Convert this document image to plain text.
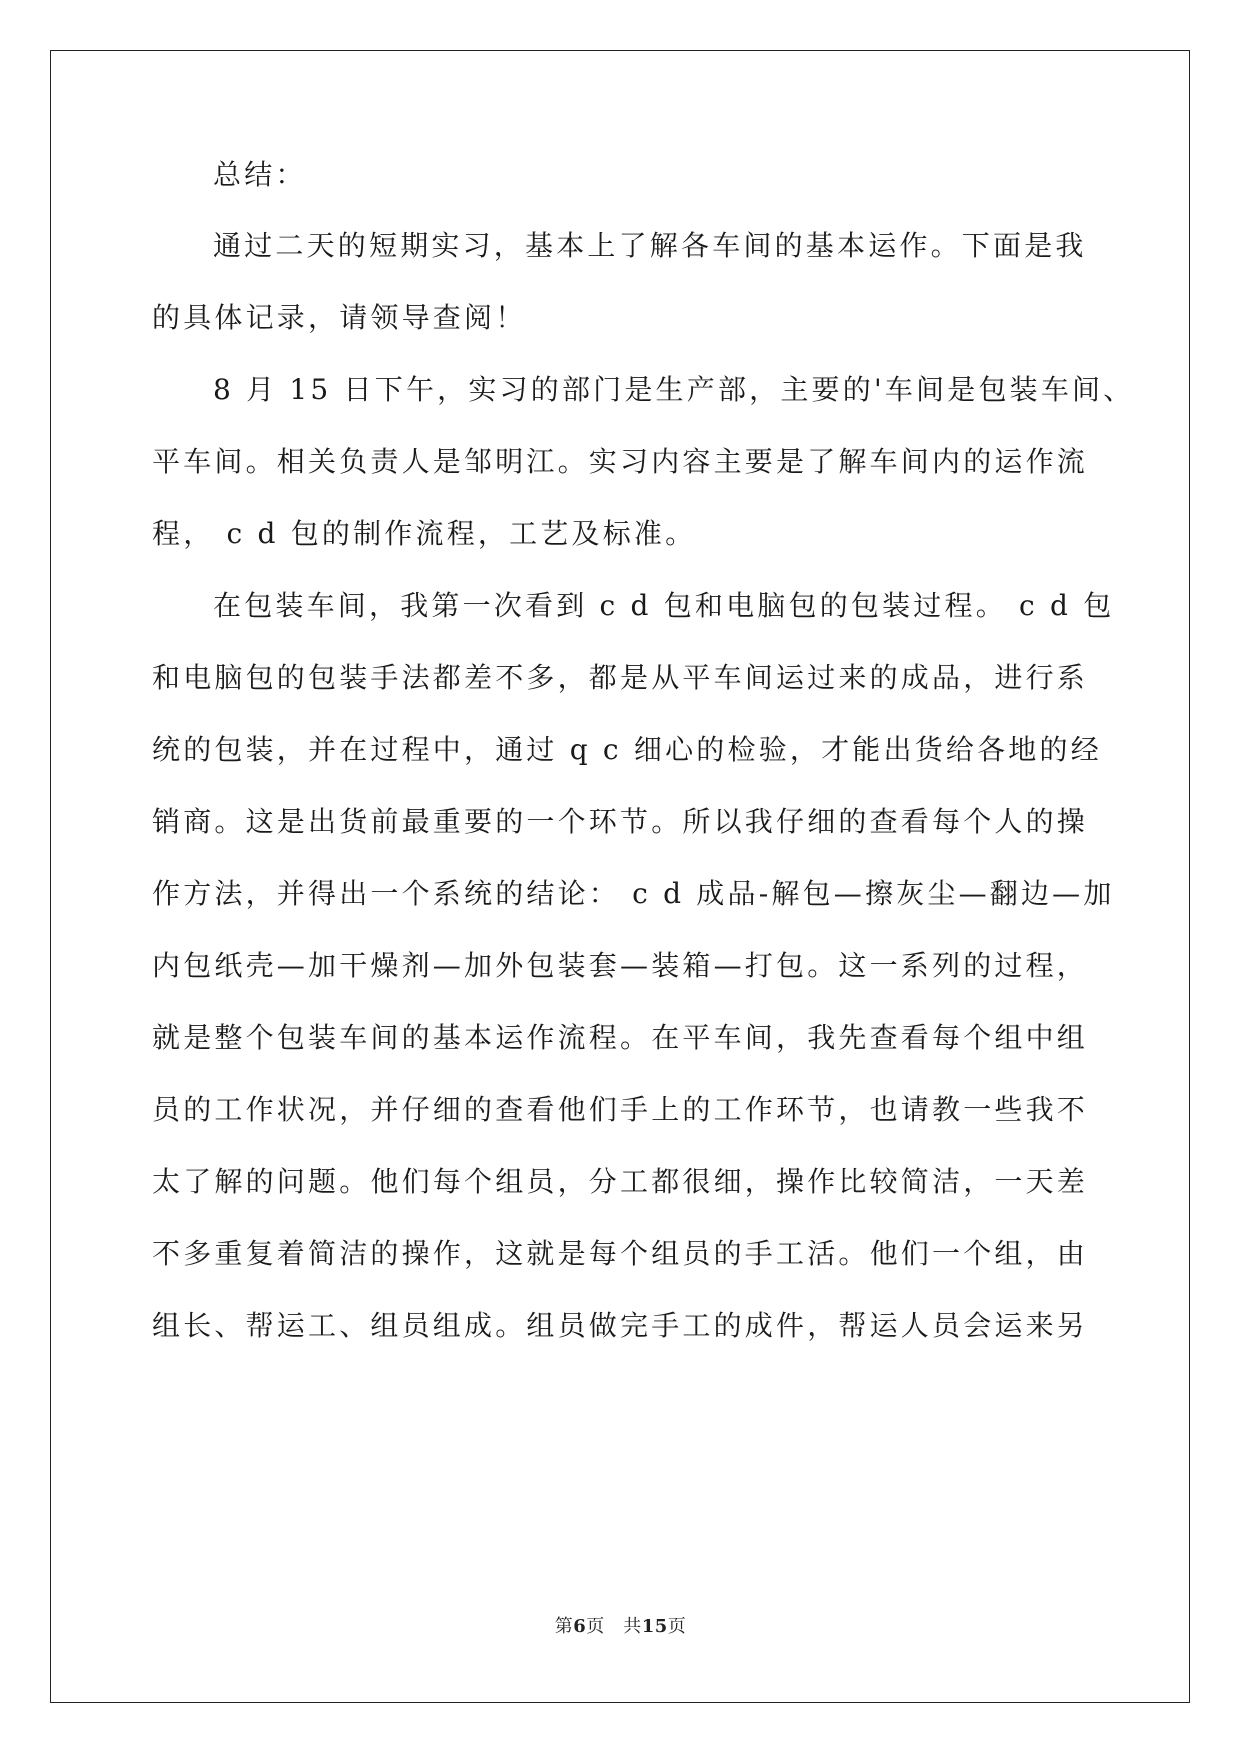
总结：
通过二天的短期实习，基本上了解各车间的基本运作。下面是我
的具体记录，请领导查阅！
8 月 15 日下午，实习的部门是生产部，主要的'车间是包装车间、
平车间。相关负责人是邹明江。实习内容主要是了解车间内的运作流
程， c d 包的制作流程，工艺及标准。
在包装车间，我第一次看到 c d 包和电脑包的包装过程。 c d 包
和电脑包的包装手法都差不多，都是从平车间运过来的成品，进行系
统的包装，并在过程中，通过 q c 细心的检验，才能出货给各地的经
销商。这是出货前最重要的一个环节。所以我仔细的查看每个人的操
作方法，并得出一个系统的结论： c d 成品-解包—擦灰尘—翻边—加
内包纸壳—加干燥剂—加外包装套—装箱—打包。这一系列的过程，
就是整个包装车间的基本运作流程。在平车间，我先查看每个组中组
员的工作状况，并仔细的查看他们手上的工作环节，也请教一些我不
太了解的问题。他们每个组员，分工都很细，操作比较简洁，一天差
不多重复着简洁的操作，这就是每个组员的手工活。他们一个组，由
组长、帮运工、组员组成。组员做完手工的成件，帮运人员会运来另
第6页　共15页
